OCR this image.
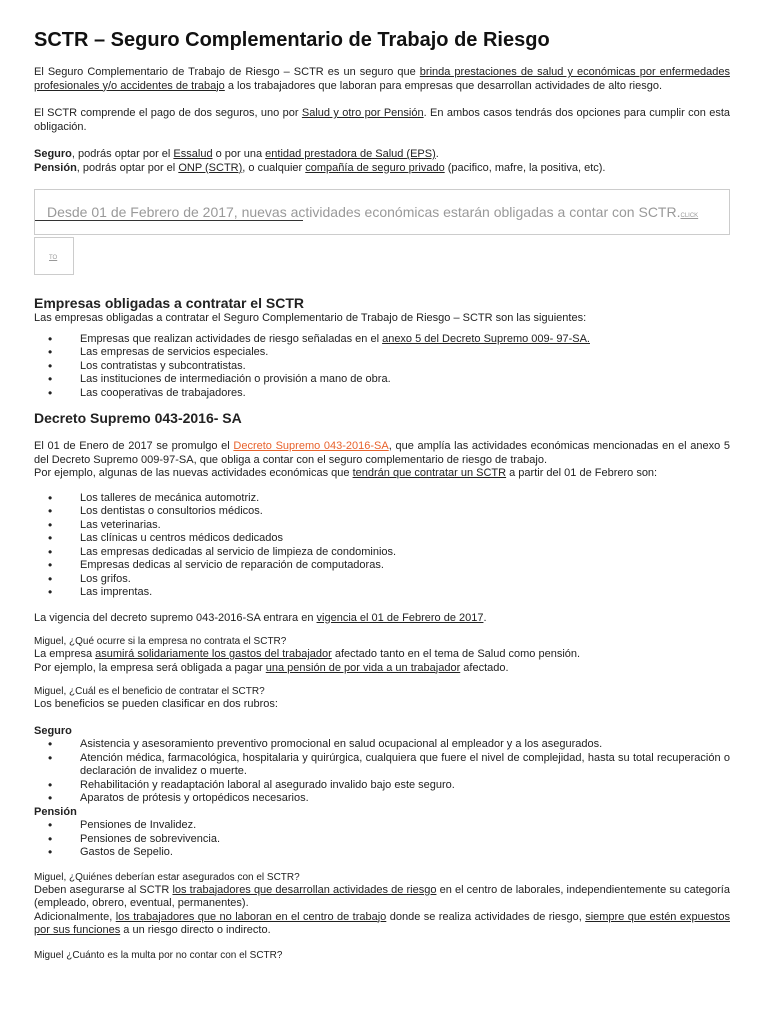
SCTR – Seguro Complementario de Trabajo de Riesgo

El Seguro Complementario de Trabajo de Riesgo – SCTR es un seguro que brinda prestaciones de salud y económicas por enfermedades profesionales y/o accidentes de trabajo a los trabajadores que laboran para empresas que desarrollan actividades de alto riesgo.

El SCTR comprende el pago de dos seguros, uno por Salud y otro por Pensión. En ambos casos tendrás dos opciones para cumplir con esta obligación.

Seguro, podrás optar por el Essalud o por una entidad prestadora de Salud (EPS).

Pensión, podrás optar por el ONP (SCTR), o cualquier compañía de seguro privado (pacifico, mafre, la positiva, etc).

Desde 01 de Febrero de 2017, nuevas actividades económicas estarán obligadas a contar con SCTR.CLICK
TO
Empresas obligadas a contratar el SCTR

Las empresas obligadas a contratar el Seguro Complementario de Trabajo de Riesgo – SCTR son las siguientes:

• Empresas que realizan actividades de riesgo señaladas en el anexo 5 del Decreto Supremo 009- 97-SA.
• Las empresas de servicios especiales.
• Los contratistas y subcontratistas.
• Las instituciones de intermediación o provisión a mano de obra.
• Las cooperativas de trabajadores.
Decreto Supremo 043-2016- SA

El 01 de Enero de 2017 se promulgo el Decreto Supremo 043-2016-SA, que amplía las actividades económicas mencionadas en el anexo 5 del Decreto Supremo 009-97-SA, que obliga a contar con el seguro complementario de riesgo de trabajo.

Por ejemplo, algunas de las nuevas actividades económicas que tendrán que contratar un SCTR a partir del 01 de Febrero son:

• Los talleres de mecánica automotriz.
• Los dentistas o consultorios médicos.
• Las veterinarias.
• Las clínicas u centros médicos dedicados
• Las empresas dedicadas al servicio de limpieza de condominios.
• Empresas dedicas al servicio de reparación de computadoras.
• Los grifos.
• Las imprentas.

La vigencia del decreto supremo 043-2016-SA entrara en vigencia el 01 de Febrero de 2017.

Miguel, ¿Qué ocurre si la empresa no contrata el SCTR?

La empresa asumirá solidariamente los gastos del trabajador afectado tanto en el tema de Salud como pensión.

Por ejemplo, la empresa será obligada a pagar una pensión de por vida a un trabajador afectado.

Miguel, ¿Cuál es el beneficio de contratar el SCTR?

Los beneficios se pueden clasificar en dos rubros:

Seguro

• Asistencia y asesoramiento preventivo promocional en salud ocupacional al empleador y a los asegurados.
• Atención médica, farmacológica, hospitalaria y quirúrgica, cualquiera que fuere el nivel de complejidad, hasta su total recuperación o declaración de invalidez o muerte.
• Rehabilitación y readaptación laboral al asegurado invalido bajo este seguro.
• Aparatos de prótesis y ortopédicos necesarios.

Pensión

• Pensiones de Invalidez.
• Pensiones de sobrevivencia.
• Gastos de Sepelio.

Miguel, ¿Quiénes deberían estar asegurados con el SCTR?

Deben asegurarse al SCTR los trabajadores que desarrollan actividades de riesgo en el centro de laborales, independientemente su categoría (empleado, obrero, eventual, permanentes).

Adicionalmente, los trabajadores que no laboran en el centro de trabajo donde se realiza actividades de riesgo, siempre que estén expuestos por sus funciones a un riesgo directo o indirecto.

Miguel ¿Cuánto es la multa por no contar con el SCTR?
